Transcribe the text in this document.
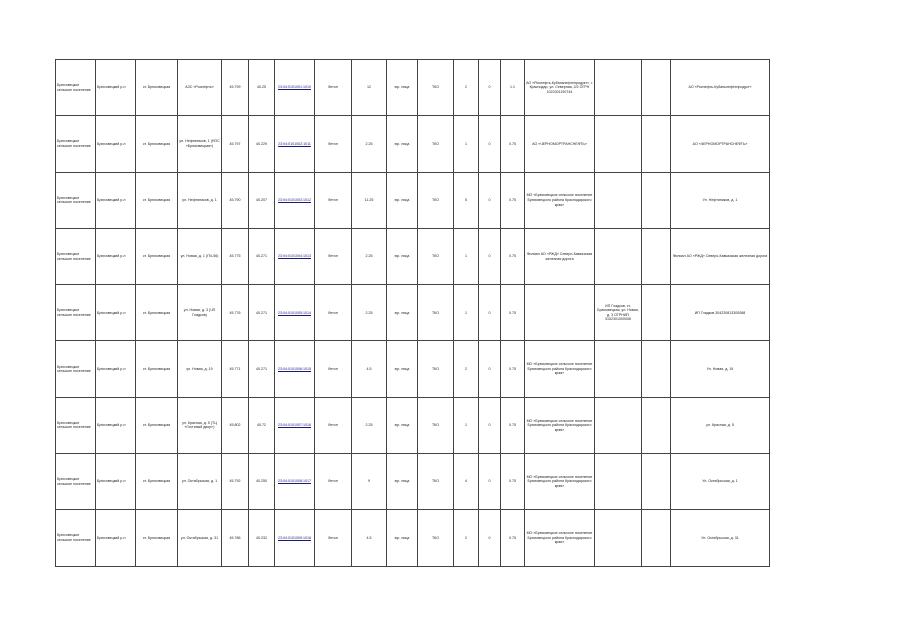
Брюховецкое сельское поселение	Брюховецкий р-н	ст. Брюховецкая	АЗС «Роснефть»	45.799	40.25	23:04:0101001:1010	бетон	12	юр. лица	ТКО	2	0	1.1	АО «Роснефть-Кубаньнефтепродукт», г. Краснодар, ул. Северная, 2/2 ОГРН 1022301190744			АО «Роснефть-Кубаньнефтепродукт»
Брюховецкое сельское поселение	Брюховецкий р-н	ст. Брюховецкая	ул. Нефтяников, 1 (НПС «Брюховецкая»)	45.797	40.229	23:04:0101002:1011	бетон	2.25	юр. лица	ТКО	1	0	0.75	АО «ЧЕРНОМОРТРАНСНЕФТЬ»			АО «ЧЕРНОМОРТРАНСНЕФТЬ»
Брюховецкое сельское поселение	Брюховецкий р-н	ст. Брюховецкая	ул. Нефтяников, д. 1	45.790	40.207	23:04:0101003:1012	бетон	11.25	юр. лица	ТКО	5	0	0.75	МО «Брюховецкое сельское поселение Брюховецкого района Краснодарского края»			Ул. Нефтяников, д. 1
Брюховецкое сельское поселение	Брюховецкий р-н	ст. Брюховецкая	ул. Новая, д. 1 (ПЧ-56)	45.775	40.271	23:04:0101004:1013	бетон	2.25	юр. лица	ТКО	1	0	0.75	Филиал АО «РЖД» Северо-Кавказская железная дорога			Филиал АО «РЖД» Северо-Кавказская железная дорога
Брюховецкое сельское поселение	Брюховецкий р-н	ст. Брюховецкая	ул. Новая, д. 3 (ЧП Гладков)	45.776	40.271	23:04:0101005:1014	бетон	2.25	юр. лица	ТКО	1	0	0.75		ИП Гладков, ст. Брюховецкая, ул. Новая, д. 3 ОГРНИП 3152301000006		ИП Гладков 304230813300088
Брюховецкое сельское поселение	Брюховецкий р-н	ст. Брюховецкая	ул. Новая, д. 19	45.771	40.271	23:04:0101006:1015	бетон	4.5	юр. лица	ТКО	2	0	0.75	МО «Брюховецкое сельское поселение Брюховецкого района Краснодарского края»			Ул. Новая, д. 19
Брюховецкое сельское поселение	Брюховецкий р-н	ст. Брюховецкая	ул. Красная, д. 5 (ТЦ «Гостиный двор»)	45.802	40.72	23:04:0101007:1016	бетон	2.25	юр. лица	ТКО	1	0	0.75	МО «Брюховецкое сельское поселение Брюховецкого района Краснодарского края»			ул. Красная, д. 5
Брюховецкое сельское поселение	Брюховецкий р-н	ст. Брюховецкая	ул. Октябрьская, д. 1	45.792	40.250	23:04:0101008:1017	бетон	9	юр. лица	ТКО	4	0	0.75	МО «Брюховецкое сельское поселение Брюховецкого района Краснодарского края»			Ул. Октябрьская, д. 1
Брюховецкое сельское поселение	Брюховецкий р-н	ст. Брюховецкая	ул. Октябрьская, д. 31	45.786	40.232	23:04:0101009:1018	бетон	4.5	юр. лица	ТКО	2	0	0.75	МО «Брюховецкое сельское поселение Брюховецкого района Краснодарского края»			Ул. Октябрьская, д. 31
